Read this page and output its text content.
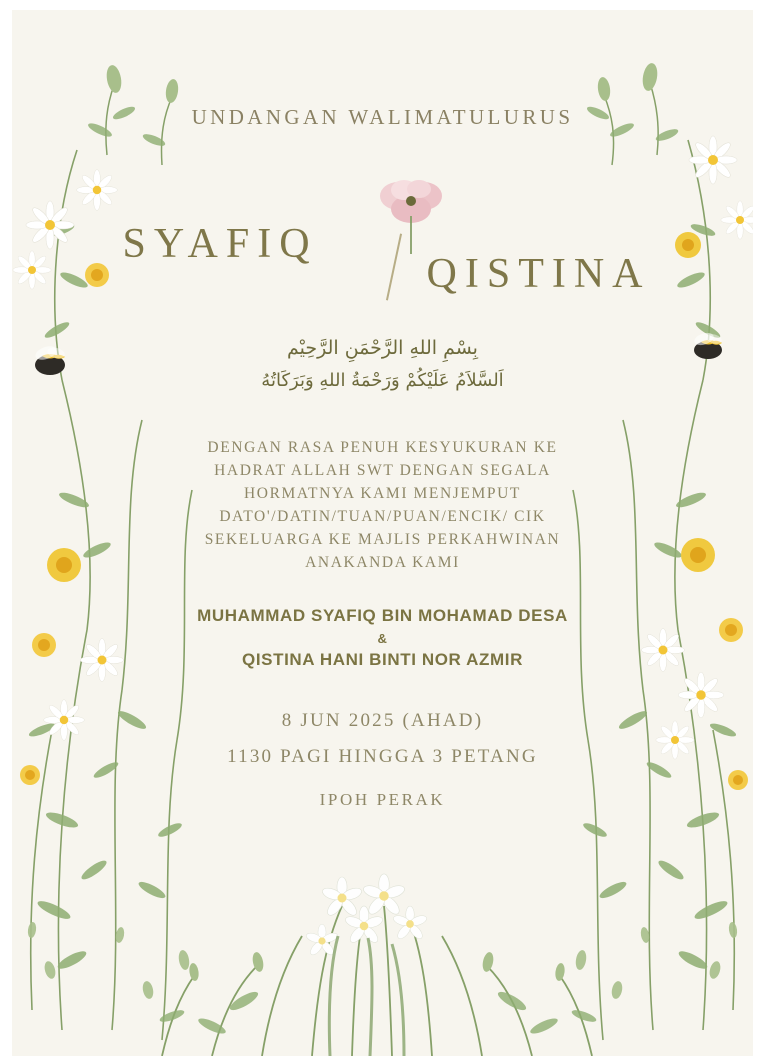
UNDANGAN WALIMATULURUS
SYAFIQ
QISTINA
بِسْمِ اللهِ الرَّحْمَنِ الرَّحِيْم
اَلسَّلاَمُ عَلَيْكُمْ وَرَحْمَةُ اللهِ وَبَرَكَاتُهُ
DENGAN RASA PENUH KESYUKURAN KE HADRAT ALLAH SWT DENGAN SEGALA HORMATNYA KAMI MENJEMPUT DATO'/DATIN/TUAN/PUAN/ENCIK/ CIK SEKELUARGA KE MAJLIS PERKAHWINAN ANAKANDA KAMI
MUHAMMAD SYAFIQ BIN MOHAMAD DESA
&
QISTINA HANI BINTI NOR AZMIR
8 JUN 2025 (AHAD)
1130 PAGI HINGGA 3 PETANG
IPOH PERAK
